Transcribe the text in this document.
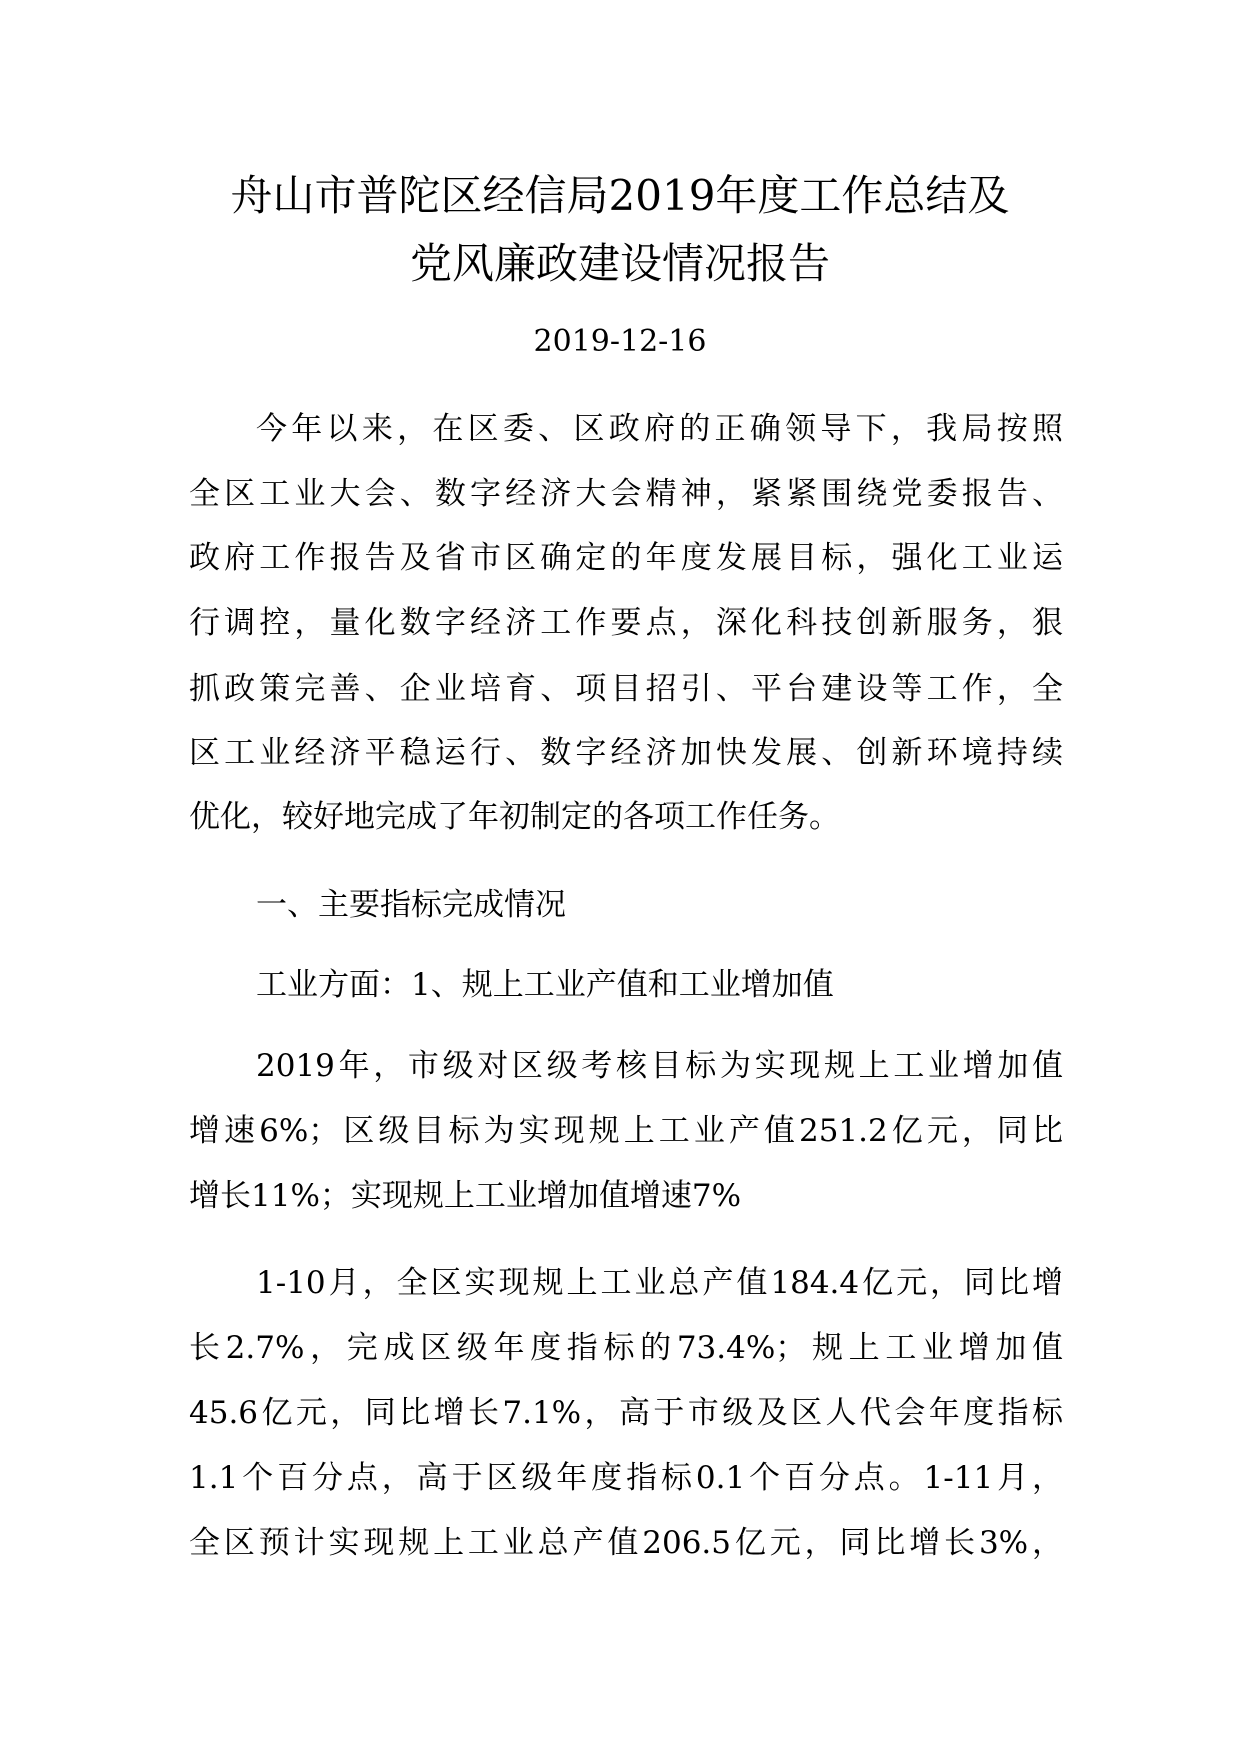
舟山市普陀区经信局2019年度工作总结及
党风廉政建设情况报告
2019-12-16
今年以来，在区委、区政府的正确领导下，我局按照
全区工业大会、数字经济大会精神，紧紧围绕党委报告、
政府工作报告及省市区确定的年度发展目标，强化工业运
行调控，量化数字经济工作要点，深化科技创新服务，狠
抓政策完善、企业培育、项目招引、平台建设等工作，全
区工业经济平稳运行、数字经济加快发展、创新环境持续
优化，较好地完成了年初制定的各项工作任务。
一、主要指标完成情况
工业方面：1、规上工业产值和工业增加值
2019年，市级对区级考核目标为实现规上工业增加值
增速6%；区级目标为实现规上工业产值251.2亿元，同比
增长11%；实现规上工业增加值增速7%
1-10月，全区实现规上工业总产值184.4亿元，同比增
长2.7%，完成区级年度指标的73.4%；规上工业增加值
45.6亿元，同比增长7.1%，高于市级及区人代会年度指标
1.1个百分点，高于区级年度指标0.1个百分点。1-11月，
全区预计实现规上工业总产值206.5亿元，同比增长3%，
